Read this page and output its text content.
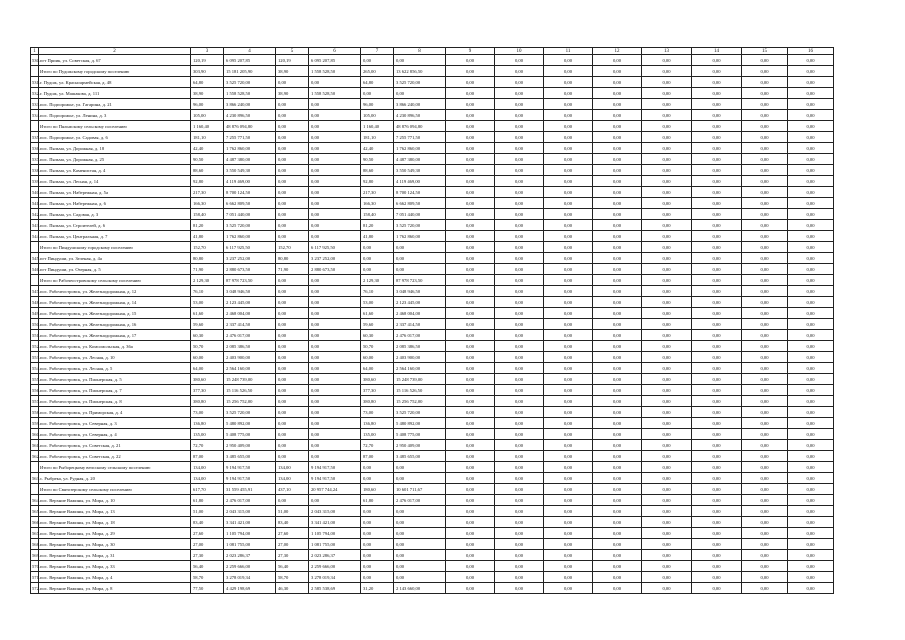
1	2	3	4	5	6	7	8	9	10	11	12	13	14	15	16
530.	пгт Приик, ул. Советская, д. 67	120,19	6 095 207,85	120,19	6 095 207,85	0,00	0,00	0,00	0,00	0,00	0,00	0,00	0,00	0,00	0,00
	Итого по Пудожскому городскому поселению	303,90	15 181 205,90	38,90	1 558 528,50	265,00	13 622 856,50	0,00	0,00	0,00	0,00	0,00	0,00	0,00	0,00
531.	г. Пудож, ул. Красноармейская, д. 48	64,80	3 525 720,00	0,00	0,00	64,80	3 525 720,00	0,00	0,00	0,00	0,00	0,00	0,00	0,00	0,00
532.	г. Пудож, ул. Машакова, д. 111	38,90	1 558 528,50	38,90	1 558 528,50	0,00	0,00	0,00	0,00	0,00	0,00	0,00	0,00	0,00	0,00
533.	пос. Подпорожье, ул. Гагарина, д. 21	96,00	3 866 240,00	0,00	0,00	96,00	3 866 240,00	0,00	0,00	0,00	0,00	0,00	0,00	0,00	0,00
534.	пос. Подпорожье, ул. Ленина, д. 3	105,00	4 230 896,50	0,00	0,00	105,00	4 230 896,50	0,00	0,00	0,00	0,00	0,00	0,00	0,00	0,00
	Итого по Пяльмскому сельскому поселению	1 160,40	48 876 094,80	0,00	0,00	1 160,40	48 876 094,80	0,00	0,00	0,00	0,00	0,00	0,00	0,00	0,00
535.	пос. Подпорожье, ул. Садовая, д. 6	181,10	7 255 771,50	0,00	0,00	181,10	7 255 771,50	0,00	0,00	0,00	0,00	0,00	0,00	0,00	0,00
536.	пос. Пяльма, ул. Дорожная, д. 18	42,40	1 762 860,00	0,00	0,00	42,40	1 762 860,00	0,00	0,00	0,00	0,00	0,00	0,00	0,00	0,00
537.	пос. Пяльма, ул. Дорожная, д. 25	90,50	4 487 380,00	0,00	0,00	90,50	4 487 380,00	0,00	0,00	0,00	0,00	0,00	0,00	0,00	0,00
538.	пос. Пяльма, ул. Каменистая, д. 4	88,60	3 550 549,30	0,00	0,00	88,60	3 550 549,30	0,00	0,00	0,00	0,00	0,00	0,00	0,00	0,00
539.	пос. Пяльма, ул. Лесная, д. 14	92,80	4 119 469,00	0,00	0,00	92,80	4 119 469,00	0,00	0,00	0,00	0,00	0,00	0,00	0,00	0,00
540.	пос. Пяльма, ул. Набережная, д. 5а	217,30	8 700 124,50	0,00	0,00	217,30	8 700 124,50	0,00	0,00	0,00	0,00	0,00	0,00	0,00	0,00
541.	пос. Пяльма, ул. Набережная, д. 6	166,30	6 662 809,50	0,00	0,00	166,30	6 662 809,50	0,00	0,00	0,00	0,00	0,00	0,00	0,00	0,00
542.	пос. Пяльма, ул. Садовая, д. 3	158,40	7 051 440,00	0,00	0,00	158,40	7 051 440,00	0,00	0,00	0,00	0,00	0,00	0,00	0,00	0,00
543.	пос. Пяльма, ул. Строителей, д. 6	81,20	3 525 720,00	0,00	0,00	81,20	3 525 720,00	0,00	0,00	0,00	0,00	0,00	0,00	0,00	0,00
544.	пос. Пяльма, ул. Центральная, д. 7	41,80	1 762 860,00	0,00	0,00	41,80	1 762 860,00	0,00	0,00	0,00	0,00	0,00	0,00	0,00	0,00
	Итого по Пиндушскому городскому поселению	152,70	6 117 925,50	152,70	6 117 925,50	0,00	0,00	0,00	0,00	0,00	0,00	0,00	0,00	0,00	0,00
545.	пгт Пиндуши, ул. Зеленая, д. 4а	80,80	3 237 252,00	80,80	3 237 252,00	0,00	0,00	0,00	0,00	0,00	0,00	0,00	0,00	0,00	0,00
546.	пгт Пиндуши, ул. Озерная, д. 5	71,90	2 880 673,50	71,90	2 880 673,50	0,00	0,00	0,00	0,00	0,00	0,00	0,00	0,00	0,00	0,00
	Итого по Рабочеостровскому сельскому поселению	2 129,30	87 978 723,50	0,00	0,00	2 129,30	87 978 723,50	0,00	0,00	0,00	0,00	0,00	0,00	0,00	0,00
547.	пос. Рабочеостровск, ул. Железнодорожная, д. 12	76,10	3 048 946,50	0,00	0,00	76,10	3 048 946,50	0,00	0,00	0,00	0,00	0,00	0,00	0,00	0,00
548.	пос. Рабочеостровск, ул. Железнодорожная, д. 14	53,00	2 123 445,00	0,00	0,00	53,00	2 123 445,00	0,00	0,00	0,00	0,00	0,00	0,00	0,00	0,00
549.	пос. Рабочеостровск, ул. Железнодорожная, д. 15	61,60	2 468 004,00	0,00	0,00	61,60	2 468 004,00	0,00	0,00	0,00	0,00	0,00	0,00	0,00	0,00
550.	пос. Рабочеостровск, ул. Железнодорожная, д. 16	59,60	2 337 414,50	0,00	0,00	59,60	2 337 414,50	0,00	0,00	0,00	0,00	0,00	0,00	0,00	0,00
551.	пос. Рабочеостровск, ул. Железнодорожная, д. 17	60,30	2 476 017,00	0,00	0,00	60,30	2 476 017,00	0,00	0,00	0,00	0,00	0,00	0,00	0,00	0,00
552.	пос. Рабочеостровск, ул. Комсомольская, д. 36а	50,70	2 085 386,50	0,00	0,00	50,70	2 085 386,50	0,00	0,00	0,00	0,00	0,00	0,00	0,00	0,00
553.	пос. Рабочеостровск, ул. Лесная, д. 10	60,00	2 403 900,00	0,00	0,00	60,00	2 403 900,00	0,00	0,00	0,00	0,00	0,00	0,00	0,00	0,00
554.	пос. Рабочеостровск, ул. Лесная, д. 5	64,00	2 564 160,00	0,00	0,00	64,00	2 564 160,00	0,00	0,00	0,00	0,00	0,00	0,00	0,00	0,00
555.	пос. Рабочеостровск, ул. Пионерская, д. 5	380,60	15 248 739,00	0,00	0,00	380,60	15 248 739,00	0,00	0,00	0,00	0,00	0,00	0,00	0,00	0,00
556.	пос. Рабочеостровск, ул. Пионерская, д. 7	377,30	15 116 526,50	0,00	0,00	377,30	15 116 526,50	0,00	0,00	0,00	0,00	0,00	0,00	0,00	0,00
557.	пос. Рабочеостровск, ул. Пионерская, д. 8	380,80	15 256 752,00	0,00	0,00	380,80	15 256 752,00	0,00	0,00	0,00	0,00	0,00	0,00	0,00	0,00
558.	пос. Рабочеостровск, ул. Приморская, д. 4	73,00	3 525 720,00	0,00	0,00	73,00	3 525 720,00	0,00	0,00	0,00	0,00	0,00	0,00	0,00	0,00
559.	пос. Рабочеостровск, ул. Северная, д. 3	136,80	5 480 892,00	0,00	0,00	136,80	5 480 892,00	0,00	0,00	0,00	0,00	0,00	0,00	0,00	0,00
560.	пос. Рабочеостровск, ул. Северная, д. 4	135,00	5 408 775,00	0,00	0,00	135,00	5 408 775,00	0,00	0,00	0,00	0,00	0,00	0,00	0,00	0,00
561.	пос. Рабочеостровск, ул. Советская, д. 21	72,70	2 950 409,00	0,00	0,00	72,70	2 950 409,00	0,00	0,00	0,00	0,00	0,00	0,00	0,00	0,00
562.	пос. Рабочеостровск, ул. Советская, д. 22	87,00	3 485 655,00	0,00	0,00	87,00	3 485 655,00	0,00	0,00	0,00	0,00	0,00	0,00	0,00	0,00
	Итого по Рыборецкому вепсскому сельскому поселению	134,00	9 194 917,50	134,00	9 194 917,50	0,00	0,00	0,00	0,00	0,00	0,00	0,00	0,00	0,00	0,00
563.	с. Рыбрека, ул. Рудная, д. 20	134,00	9 194 917,50	134,00	9 194 917,50	0,00	0,00	0,00	0,00	0,00	0,00	0,00	0,00	0,00	0,00
	Итого по Святозерскому сельскому поселению	617,70	31 559 455,91	437,10	20 957 744,24	180,60	10 601 711,67	0,00	0,00	0,00	0,00	0,00	0,00	0,00	0,00
564.	пос. Верхние Важины, ул. Мира, д. 10	61,80	2 476 017,00	0,00	0,00	61,80	2 476 017,00	0,00	0,00	0,00	0,00	0,00	0,00	0,00	0,00
565.	пос. Верхние Важины, ул. Мира, д. 13	51,00	2 043 315,00	51,00	2 043 315,00	0,00	0,00	0,00	0,00	0,00	0,00	0,00	0,00	0,00	0,00
566.	пос. Верхние Важины, ул. Мира, д. 18	83,40	3 341 421,00	83,40	3 341 421,00	0,00	0,00	0,00	0,00	0,00	0,00	0,00	0,00	0,00	0,00
567.	пос. Верхние Важины, ул. Мира, д. 29	27,60	1 105 794,00	27,60	1 105 794,00	0,00	0,00	0,00	0,00	0,00	0,00	0,00	0,00	0,00	0,00
568.	пос. Верхние Важины, ул. Мира, д. 30	27,00	1 081 755,00	27,00	1 081 755,00	0,00	0,00	0,00	0,00	0,00	0,00	0,00	0,00	0,00	0,00
569.	пос. Верхние Важины, ул. Мира, д. 31	27,30	2 023 286,37	27,30	2 023 286,37	0,00	0,00	0,00	0,00	0,00	0,00	0,00	0,00	0,00	0,00
570.	пос. Верхние Важины, ул. Мира, д. 33	56,40	2 259 666,00	56,40	2 259 666,00	0,00	0,00	0,00	0,00	0,00	0,00	0,00	0,00	0,00	0,00
571.	пос. Верхние Важины, ул. Мира, д. 4	58,70	3 278 019,34	58,70	3 278 019,34	0,00	0,00	0,00	0,00	0,00	0,00	0,00	0,00	0,00	0,00
572.	пос. Верхние Важины, ул. Мира, д. 8	77,50	4 429 198,69	46,30	2 585 538,69	31,20	2 143 660,00	0,00	0,00	0,00	0,00	0,00	0,00	0,00	0,00
